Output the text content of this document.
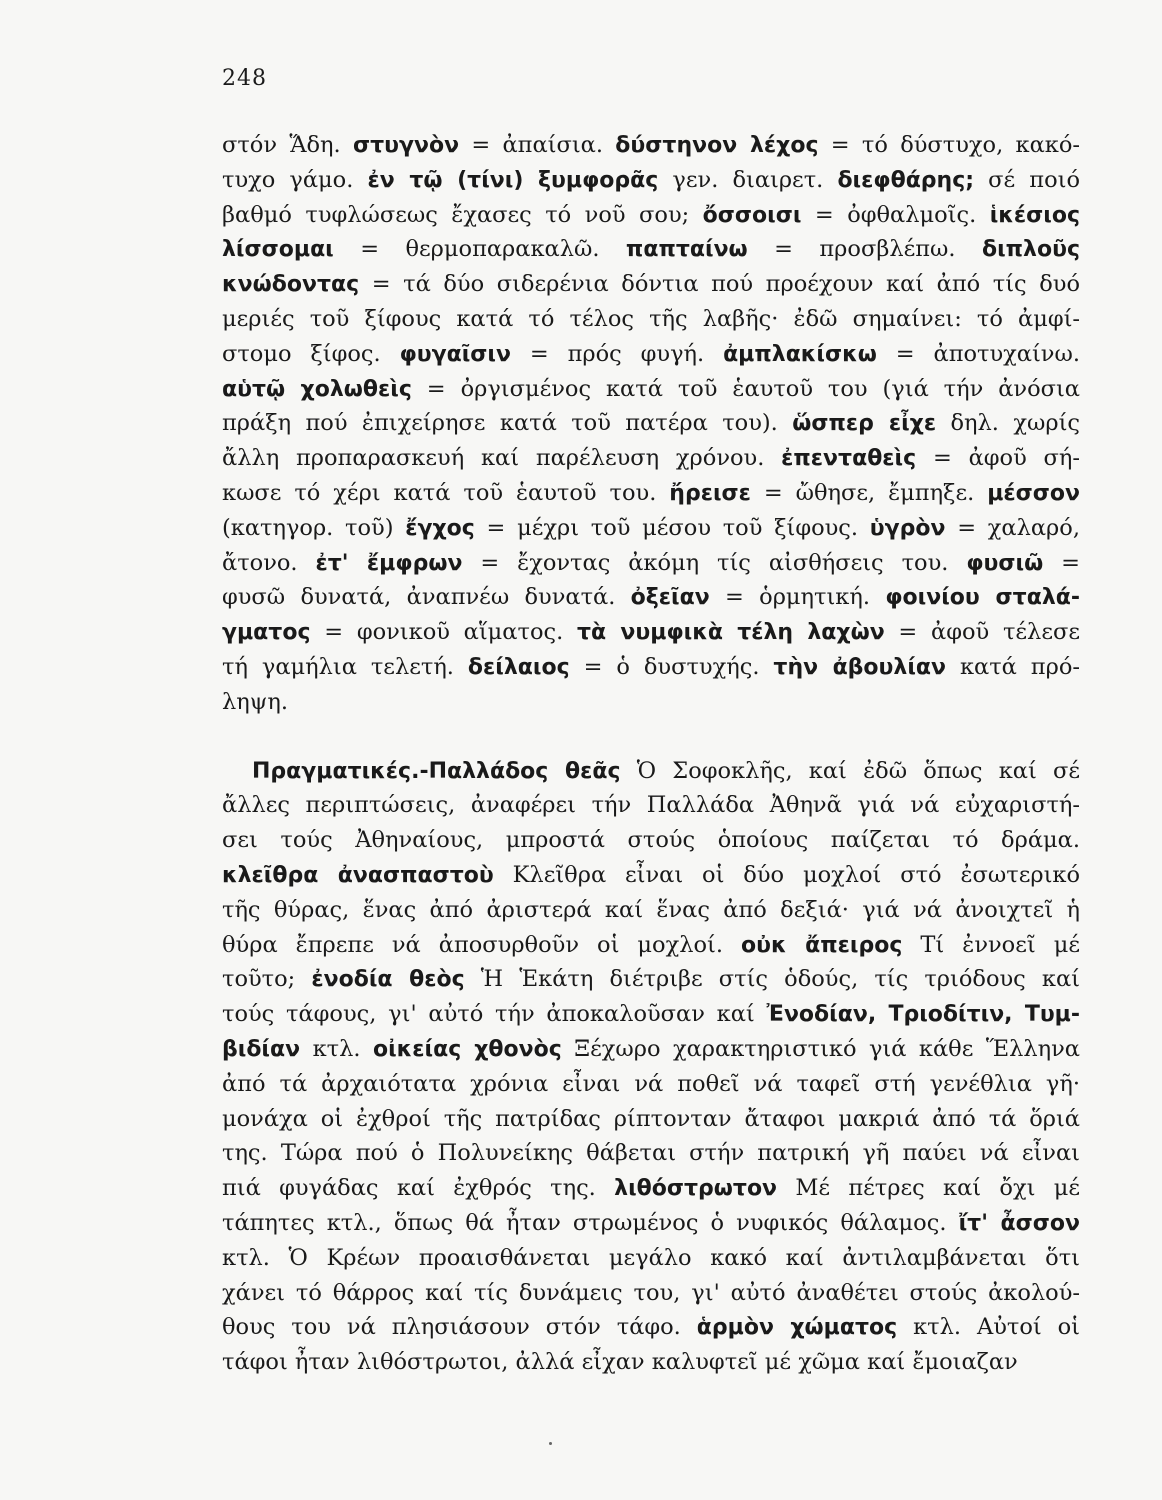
248
στόν Ἅδη. στυγνὸν = ἀπαίσια. δύστηνον λέχος = τό δύστυχο, κακό-
τυχο γάμο. ἐν τῷ (τίνι) ξυμφορᾶς γεν. διαιρετ. διεφθάρης; σέ ποιό
βαθμό τυφλώσεως ἔχασες τό νοῦ σου; ὄσσοισι = ὀφθαλμοῖς. ἱκέσιος
λίσσομαι = θερμοπαρακαλῶ. παπταίνω = προσβλέπω. διπλοῦς
κνώδοντας = τά δύο σιδερένια δόντια πού προέχουν καί ἀπό τίς δυό
μεριές τοῦ ξίφους κατά τό τέλος τῆς λαβῆς· ἐδῶ σημαίνει: τό ἀμφί-
στομο ξίφος. φυγαῖσιν = πρός φυγή. ἀμπλακίσκω = ἀποτυχαίνω.
αὑτῷ χολωθεὶς = ὀργισμένος κατά τοῦ ἑαυτοῦ του (γιά τήν ἀνόσια
πράξη πού ἐπιχείρησε κατά τοῦ πατέρα του). ὥσπερ εἶχε δηλ. χωρίς
ἄλλη προπαρασκευή καί παρέλευση χρόνου. ἐπενταθεὶς = ἀφοῦ σή-
κωσε τό χέρι κατά τοῦ ἑαυτοῦ του. ἤρεισε = ὤθησε, ἔμπηξε. μέσσον
(κατηγορ. τοῦ) ἔγχος = μέχρι τοῦ μέσου τοῦ ξίφους. ὑγρὸν = χαλαρό,
ἄτονο. ἐτ' ἔμφρων = ἔχοντας ἀκόμη τίς αἰσθήσεις του. φυσιῶ =
φυσῶ δυνατά, ἀναπνέω δυνατά. ὀξεῖαν = ὁρμητική. φοινίου σταλά-
γματος = φονικοῦ αἵματος. τὰ νυμφικὰ τέλη λαχὼν = ἀφοῦ τέλεσε
τή γαμήλια τελετή. δείλαιος = ὁ δυστυχής. τὴν ἀβουλίαν κατά πρό-
ληψη.
Πραγματικές.-Παλλάδος θεᾶς Ὁ Σοφοκλῆς, καί ἐδῶ ὅπως καί σέ
ἄλλες περιπτώσεις, ἀναφέρει τήν Παλλάδα Ἀθηνᾶ γιά νά εὐχαριστή-
σει τούς Ἀθηναίους, μπροστά στούς ὁποίους παίζεται τό δράμα.
κλεῖθρα ἀνασπαστοὺ Κλεῖθρα εἶναι οἱ δύο μοχλοί στό ἐσωτερικό
τῆς θύρας, ἕνας ἀπό ἀριστερά καί ἕνας ἀπό δεξιά· γιά νά ἀνοιχτεῖ ἡ
θύρα ἔπρεπε νά ἀποσυρθοῦν οἱ μοχλοί. οὐκ ἄπειρος Τί ἐννοεῖ μέ
τοῦτο; ἐνοδία θεὸς Ἡ Ἑκάτη διέτριβε στίς ὁδούς, τίς τριόδους καί
τούς τάφους, γι' αὐτό τήν ἀποκαλοῦσαν καί Ἐνοδίαν, Τριοδίτιν, Τυμ-
βιδίαν κτλ. οἰκείας χθονὸς Ξέχωρο χαρακτηριστικό γιά κάθε Ἕλληνα
ἀπό τά ἀρχαιότατα χρόνια εἶναι νά ποθεῖ νά ταφεῖ στή γενέθλια γῆ·
μονάχα οἱ ἐχθροί τῆς πατρίδας ρίπτονταν ἄταφοι μακριά ἀπό τά ὅριά
της. Τώρα πού ὁ Πολυνείκης θάβεται στήν πατρική γῆ παύει νά εἶναι
πιά φυγάδας καί ἐχθρός της. λιθόστρωτον Μέ πέτρες καί ὄχι μέ
τάπητες κτλ., ὅπως θά ἦταν στρωμένος ὁ νυφικός θάλαμος. ἴτ' ἆσσον
κτλ. Ὁ Κρέων προαισθάνεται μεγάλο κακό καί ἀντιλαμβάνεται ὅτι
χάνει τό θάρρος καί τίς δυνάμεις του, γι' αὐτό ἀναθέτει στούς ἀκολού-
θους του νά πλησιάσουν στόν τάφο. ἁρμὸν χώματος κτλ. Αὐτοί οἱ
τάφοι ἦταν λιθόστρωτοι, ἀλλά εἶχαν καλυφτεῖ μέ χῶμα καί ἔμοιαζαν
